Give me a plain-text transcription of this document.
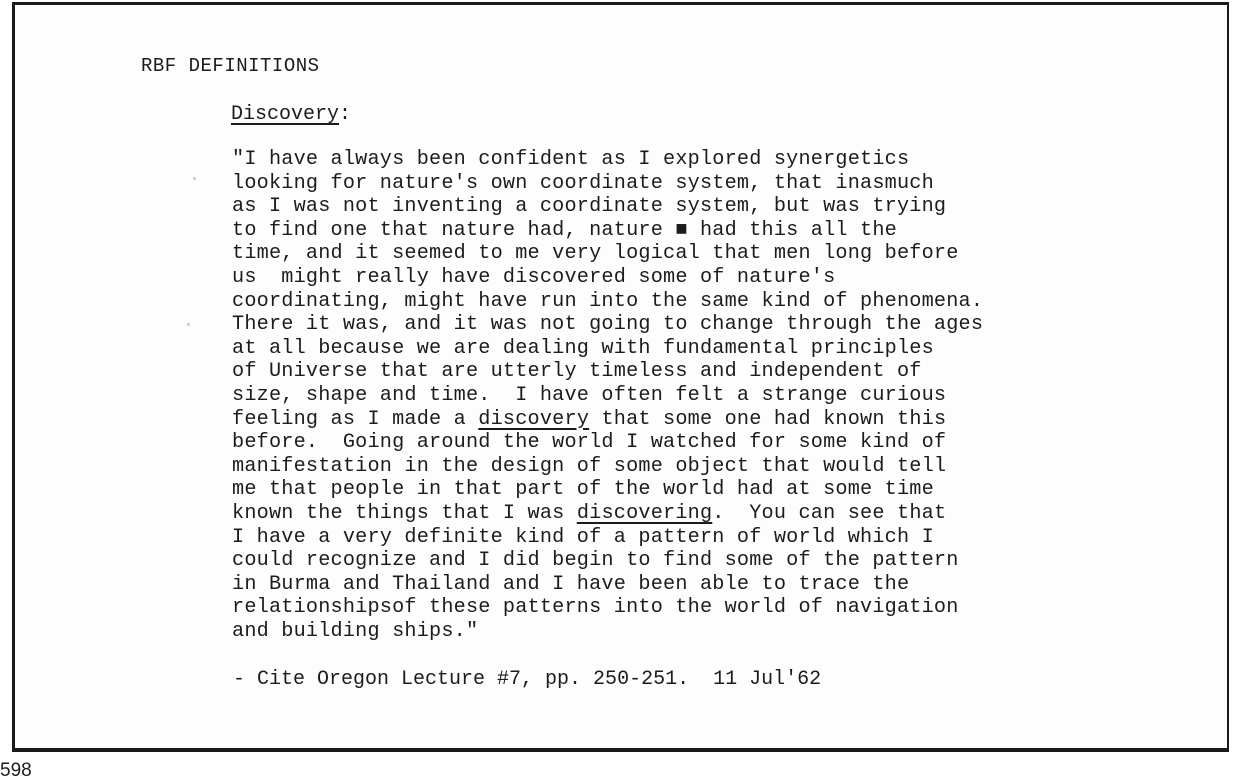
RBF DEFINITIONS
Discovery:
"I have always been confident as I explored synergetics
looking for nature's own coordinate system, that inasmuch
as I was not inventing a coordinate system, but was trying
to find one that nature had, nature ■ had this all the
time, and it seemed to me very logical that men long before
us  might really have discovered some of nature's
coordinating, might have run into the same kind of phenomena.
There it was, and it was not going to change through the ages
at all because we are dealing with fundamental principles
of Universe that are utterly timeless and independent of
size, shape and time.  I have often felt a strange curious
feeling as I made a discovery that some one had known this
before.  Going around the world I watched for some kind of
manifestation in the design of some object that would tell
me that people in that part of the world had at some time
known the things that I was discovering.  You can see that
I have a very definite kind of a pattern of world which I
could recognize and I did begin to find some of the pattern
in Burma and Thailand and I have been able to trace the
relationshipsof these patterns into the world of navigation
and building ships."
- Cite Oregon Lecture #7, pp. 250-251.  11 Jul'62
598
